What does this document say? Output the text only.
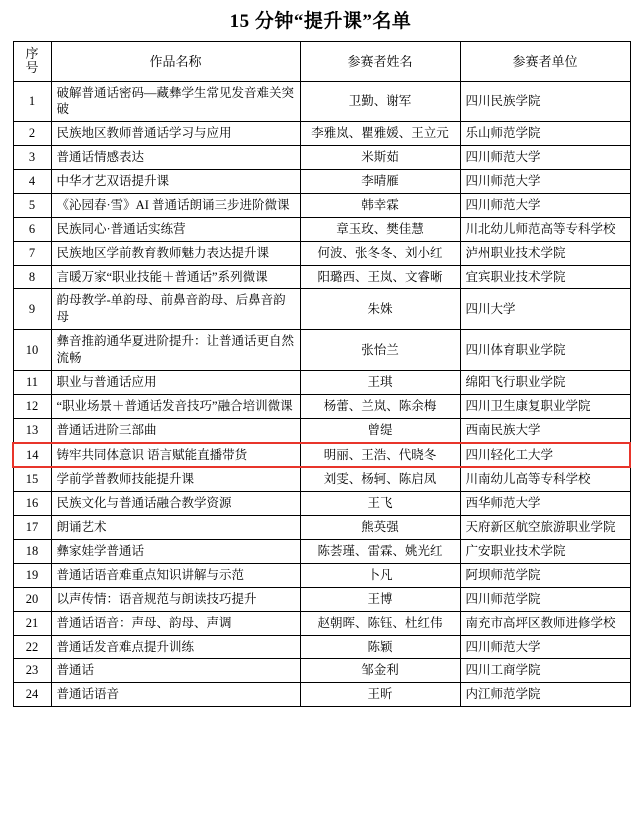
15 分钟“提升课”名单
序
号	作品名称	参赛者姓名	参赛者单位
1	破解普通话密码—藏彝学生常见发音难关突破	卫勤、谢军	四川民族学院
2	民族地区教师普通话学习与应用	李雅岚、瞿雅媛、王立元	乐山师范学院
3	普通话情感表达	米斯茹	四川师范大学
4	中华才艺双语提升课	李晴雁	四川师范大学
5	《沁园春·雪》AI 普通话朗诵三步进阶微课	韩幸霖	四川师范大学
6	民族同心·普通话实练营	章玉玫、樊佳慧	川北幼儿师范高等专科学校
7	民族地区学前教育教师魅力表达提升课	何波、张冬冬、刘小红	泸州职业技术学院
8	言暖万家“职业技能＋普通话”系列微课	阳璐西、王岚、文睿晰	宜宾职业技术学院
9	韵母教学-单韵母、前鼻音韵母、后鼻音韵母	朱姝	四川大学
10	彝音推韵通华夏进阶提升：让普通话更自然流畅	张怡兰	四川体育职业学院
11	职业与普通话应用	王琪	绵阳飞行职业学院
12	“职业场景＋普通话发音技巧”融合培训微课	杨蕾、兰岚、陈余梅	四川卫生康复职业学院
13	普通话进阶三部曲	曾缇	西南民族大学
14	铸牢共同体意识 语言赋能直播带货	明丽、王浩、代晓冬	四川轻化工大学
15	学前学普教师技能提升课	刘雯、杨轲、陈启凤	川南幼儿高等专科学校
16	民族文化与普通话融合教学资源	王飞	西华师范大学
17	朗诵艺术	熊英强	天府新区航空旅游职业学院
18	彝家娃学普通话	陈荟瑾、雷霖、姚光红	广安职业技术学院
19	普通话语音难重点知识讲解与示范	卜凡	阿坝师范学院
20	以声传情：语音规范与朗读技巧提升	王博	四川师范学院
21	普通话语音：声母、韵母、声调	赵朝晖、陈钰、杜红伟	南充市高坪区教师进修学校
22	普通话发音难点提升训练	陈颖	四川师范大学
23	普通话	邹金利	四川工商学院
24	普通话语音	王昕	内江师范学院
